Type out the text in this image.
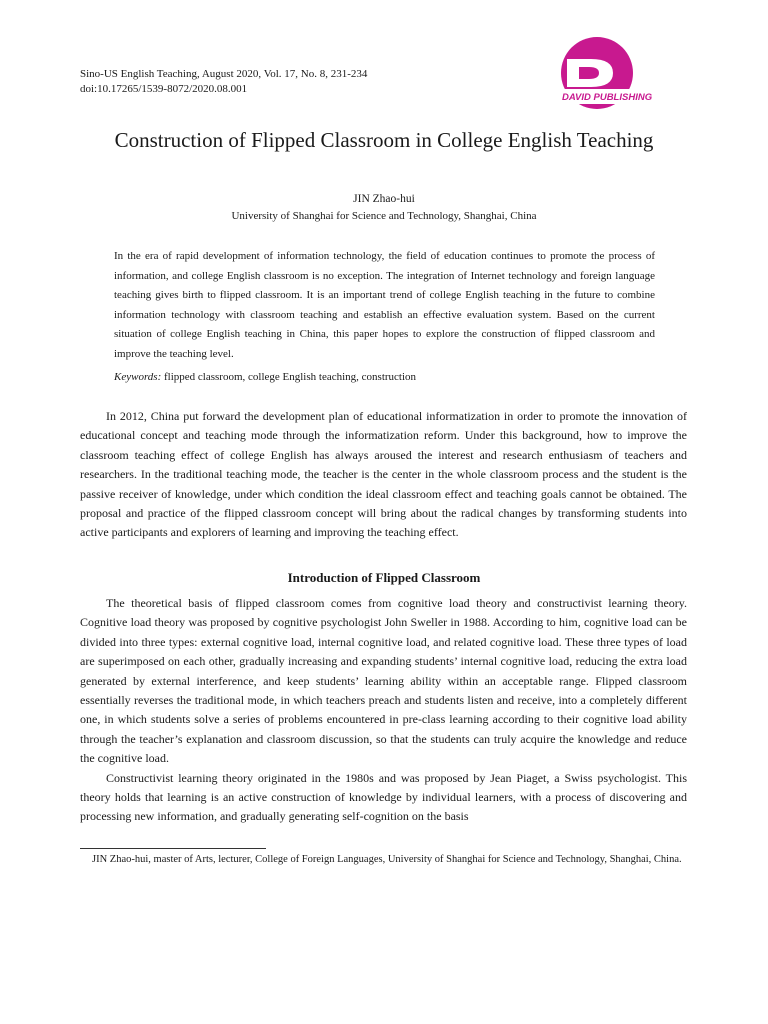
Sino-US English Teaching, August 2020, Vol. 17, No. 8, 231-234
doi:10.17265/1539-8072/2020.08.001
DAVID PUBLISHING
Construction of Flipped Classroom in College English Teaching
JIN Zhao-hui
University of Shanghai for Science and Technology, Shanghai, China

In the era of rapid development of information technology, the field of education continues to promote the process of information, and college English classroom is no exception. The integration of Internet technology and foreign language teaching gives birth to flipped classroom. It is an important trend of college English teaching in the future to combine information technology with classroom teaching and establish an effective evaluation system. Based on the current situation of college English teaching in China, this paper hopes to explore the construction of flipped classroom and improve the teaching level.

Keywords: flipped classroom, college English teaching, construction

In 2012, China put forward the development plan of educational informatization in order to promote the innovation of educational concept and teaching mode through the informatization reform. Under this background, how to improve the classroom teaching effect of college English has always aroused the interest and research enthusiasm of teachers and researchers. In the traditional teaching mode, the teacher is the center in the whole classroom process and the student is the passive receiver of knowledge, under which condition the ideal classroom effect and teaching goals cannot be obtained. The proposal and practice of the flipped classroom concept will bring about the radical changes by transforming students into active participants and explorers of learning and improving the teaching effect.

Introduction of Flipped Classroom

The theoretical basis of flipped classroom comes from cognitive load theory and constructivist learning theory. Cognitive load theory was proposed by cognitive psychologist John Sweller in 1988. According to him, cognitive load can be divided into three types: external cognitive load, internal cognitive load, and related cognitive load. These three types of load are superimposed on each other, gradually increasing and expanding students’ internal cognitive load, reducing the extra load generated by external interference, and keep students’ learning ability within an acceptable range. Flipped classroom essentially reverses the traditional mode, in which teachers preach and students listen and receive, into a completely different one, in which students solve a series of problems encountered in pre-class learning according to their cognitive load ability through the teacher’s explanation and classroom discussion, so that the students can truly acquire the knowledge and reduce the cognitive load.

Constructivist learning theory originated in the 1980s and was proposed by Jean Piaget, a Swiss psychologist. This theory holds that learning is an active construction of knowledge by individual learners, with a process of discovering and processing new information, and gradually generating self-cognition on the basis

JIN Zhao-hui, master of Arts, lecturer, College of Foreign Languages, University of Shanghai for Science and Technology, Shanghai, China.
